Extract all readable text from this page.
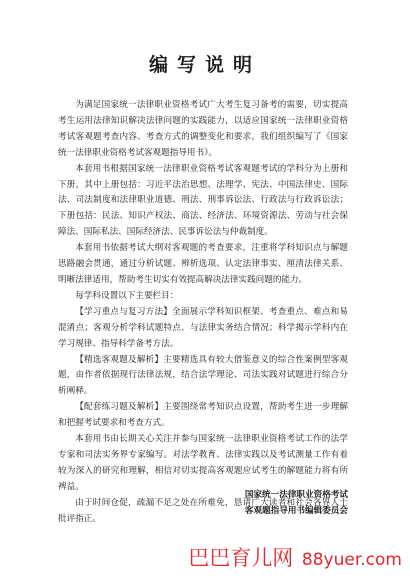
编写说明

为满足国家统一法律职业资格考试广大考生复习备考的需要，切实提高考生运用法律知识解决法律问题的实践能力，以适应国家统一法律职业资格考试客观题考查内容、考查方式的调整变化和要求，我们组织编写了《国家统一法律职业资格考试客观题指导用书》。

本套用书根据国家统一法律职业资格考试客观题考试的学科分为上册和下册，其中上册包括：习近平法治思想、法理学、宪法、中国法律史、国际法、司法制度和法律职业道德、刑法、刑事诉讼法、行政法与行政诉讼法；下册包括：民法、知识产权法、商法、经济法、环境资源法、劳动与社会保障法、国际私法、国际经济法、民事诉讼法与仲裁制度。

本套用书依据考试大纲对客观题的考查要求，注重将学科知识点与解题思路融会贯通，通过分析试题、辨析选项、认定法律事实、厘清法律关系、明晰法律适用，帮助考生切实有效提高解决法律实践问题的能力。

每学科设置以下主要栏目：

【学习重点与复习方法】全面展示学科知识框架、考查重点、难点和易混淆点；客观分析学科试题特点、与法律实务结合情况；科学揭示学科内在学习规律、指导科学备考方法。

【精选客观题及解析】主要精选具有较大借鉴意义的综合性案例型客观题，由作者依据现行法律法规，结合法学理论、司法实践对试题进行综合分析阐释。

【配套练习题及解析】主要围绕常考知识点设置，帮助考生进一步理解和把握考试要求和考查方式。

本套用书由长期关心关注并参与国家统一法律职业资格考试工作的法学专家和司法实务界专家编写。对法学教育、法律实践以及考试测量工作有着较为深入的研究和理解，相信对切实提高客观题应试考生的解题能力将有所裨益。

由于时间仓促，疏漏不足之处在所难免，恳请广大读者和社会各界人士批评指正。

国家统一法律职业资格考试
客观题指导用书编辑委员会
巴巴育儿网 88yuer.com
